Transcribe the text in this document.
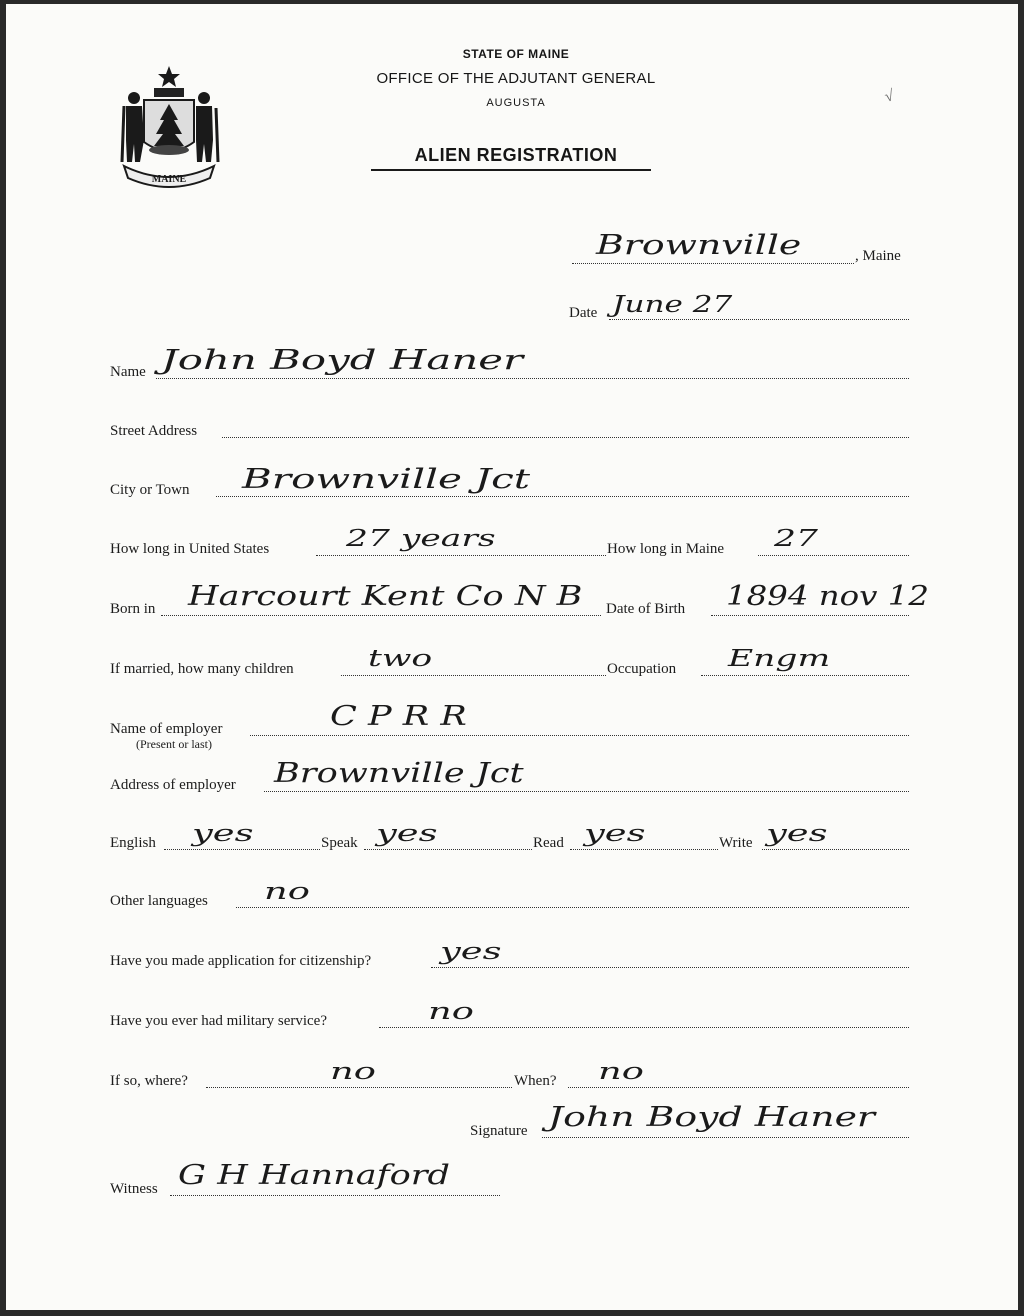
MAINE
STATE OF MAINE
OFFICE OF THE ADJUTANT GENERAL
AUGUSTA
ALIEN REGISTRATION
√
Brownville	, Maine
Date June 27
Name John Boyd Haner
Street Address
City or Town Brownville Jct
How long in United States	27 years	How long in Maine 27
Born in Harcourt Kent Co N B Date of Birth 1894 nov 12
If married, how many children	two	Occupation Engm
Name of employer
(Present or last)
C P R R
Address of employer Brownville Jct
English yes	Speak yes	Read yes	Write yes
Other languages no
Have you made application for citizenship?	yes
Have you ever had military service?	no
If so, where?	no	When? no
Signature John Boyd Haner
Witness G H Hannaford
